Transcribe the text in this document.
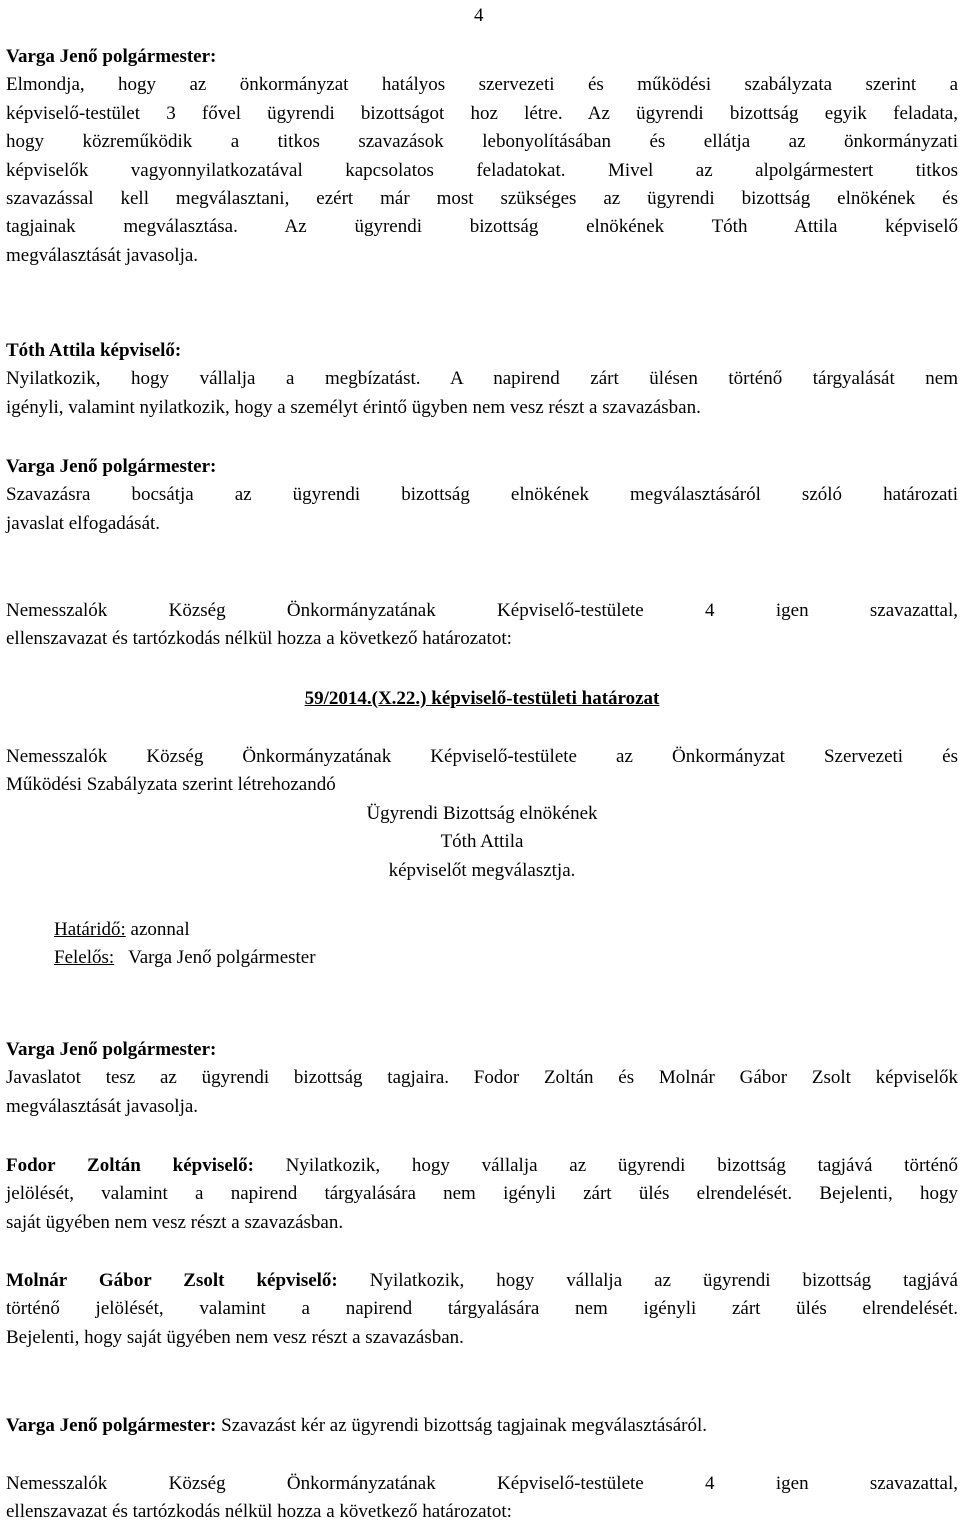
4

Varga Jenő polgármester:

Elmondja, hogy az önkormányzat hatályos szervezeti és működési szabályzata szerint a

képviselő-testület 3 fővel ügyrendi bizottságot hoz létre. Az ügyrendi bizottság egyik feladata,

hogy közreműködik a titkos szavazások lebonyolításában és ellátja az önkormányzati

képviselők vagyonnyilatkozatával kapcsolatos feladatokat. Mivel az alpolgármestert titkos

szavazással kell megválasztani, ezért már most szükséges az ügyrendi bizottság elnökének és

tagjainak megválasztása. Az ügyrendi bizottság elnökének Tóth Attila képviselő

megválasztását javasolja.

Tóth Attila képviselő:

Nyilatkozik, hogy vállalja a megbízatást. A napirend zárt ülésen történő tárgyalását nem

igényli, valamint nyilatkozik, hogy a személyt érintő ügyben nem vesz részt a szavazásban.

Varga Jenő polgármester:

Szavazásra bocsátja az ügyrendi bizottság elnökének megválasztásáról szóló határozati

javaslat elfogadását.

Nemesszalók Község Önkormányzatának Képviselő-testülete 4 igen szavazattal,

ellenszavazat és tartózkodás nélkül hozza a következő határozatot:

59/2014.(X.22.) képviselő-testületi határozat

Nemesszalók Község Önkormányzatának Képviselő-testülete az Önkormányzat Szervezeti és

Működési Szabályzata szerint létrehozandó

Ügyrendi Bizottság elnökének

Tóth Attila

képviselőt megválasztja.

Határidő: azonnal

Felelős:   Varga Jenő polgármester

Varga Jenő polgármester:

Javaslatot tesz az ügyrendi bizottság tagjaira. Fodor Zoltán és Molnár Gábor Zsolt képviselők

megválasztását javasolja.

Fodor Zoltán képviselő: Nyilatkozik, hogy vállalja az ügyrendi bizottság tagjává történő

jelölését, valamint a napirend tárgyalására nem igényli zárt ülés elrendelését. Bejelenti, hogy

saját ügyében nem vesz részt a szavazásban.

Molnár Gábor Zsolt képviselő: Nyilatkozik, hogy vállalja az ügyrendi bizottság tagjává

történő jelölését, valamint a napirend tárgyalására nem igényli zárt ülés elrendelését.

Bejelenti, hogy saját ügyében nem vesz részt a szavazásban.

Varga Jenő polgármester: Szavazást kér az ügyrendi bizottság tagjainak megválasztásáról.

Nemesszalók Község Önkormányzatának Képviselő-testülete 4 igen szavazattal,

ellenszavazat és tartózkodás nélkül hozza a következő határozatot:
